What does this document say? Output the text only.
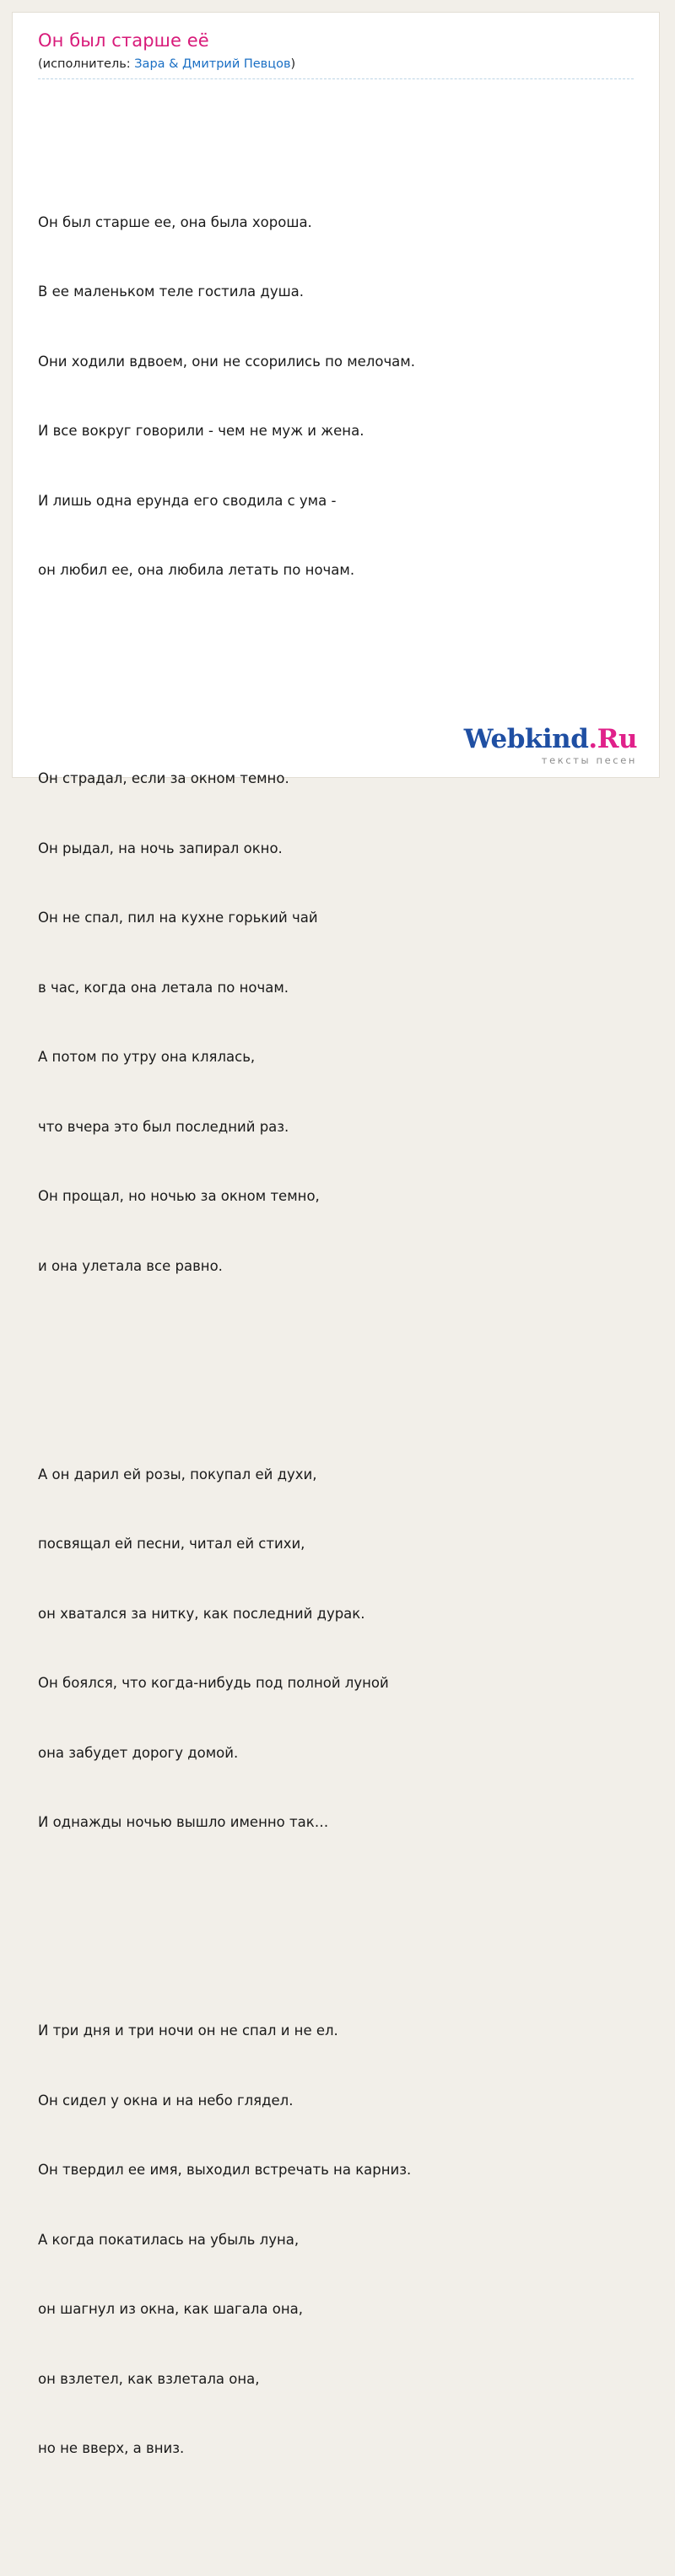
Он был старше её
(исполнитель: Зара & Дмитрий Певцов)

Он был старше ее, она была хороша.

В ее маленьком теле гостила душа.

Они ходили вдвоем, они не ссорились по мелочам.

И все вокруг говорили - чем не муж и жена.

И лишь одна ерунда его сводила с ума -

он любил ее, она любила летать по ночам.

Он страдал, если за окном темно.

Он рыдал, на ночь запирал окно.

Он не спал, пил на кухне горький чай

в час, когда она летала по ночам.

А потом по утру она клялась,

что вчера это был последний раз.

Он прощал, но ночью за окном темно,

и она улетала все равно.

А он дарил ей розы, покупал ей духи,

посвящал ей песни, читал ей стихи,

он хватался за нитку, как последний дурак.

Он боялся, что когда-нибудь под полной луной

она забудет дорогу домой.

И однажды ночью вышло именно так…

И три дня и три ночи он не спал и не ел.

Он сидел у окна и на небо глядел.

Он твердил ее имя, выходил встречать на карниз.

А когда покатилась на убыль луна,

он шагнул из окна, как шагала она,

он взлетел, как взлетала она,

но не вверх, а вниз.

Webkind.Ru
тексты песен
